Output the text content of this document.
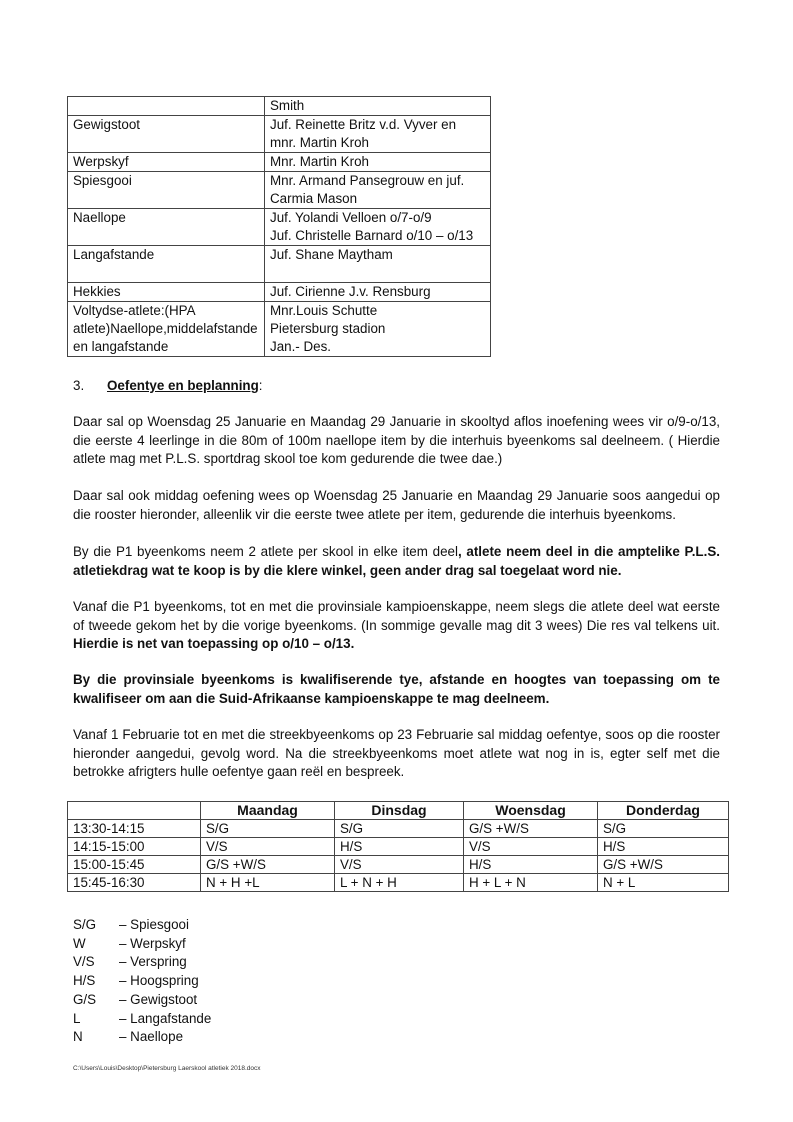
	Smith

Gewigstoot	Juf. Reinette Britz v.d. Vyver en
mnr. Martin Kroh

Werpskyf	Mnr. Martin Kroh

Spiesgooi	Mnr. Armand Pansegrouw en juf.
Carmia Mason

Naellope	Juf. Yolandi Velloen o/7-o/9
Juf. Christelle Barnard o/10 – o/13

Langafstande	Juf. Shane Maytham

Hekkies	Juf. Cirienne J.v. Rensburg

Voltydse-atlete:(HPA atlete)Naellope,middelafstande en langafstande	Mnr.Louis Schutte
Pietersburg stadion
Jan.- Des.
3. Oefentye en beplanning:

Daar sal op Woensdag 25 Januarie en Maandag 29 Januarie in skooltyd aflos inoefening wees vir o/9-o/13, die eerste 4 leerlinge in die 80m of 100m naellope item by die interhuis byeenkoms sal deelneem. ( Hierdie atlete mag met P.L.S. sportdrag skool toe kom gedurende die twee dae.)

Daar sal ook middag oefening wees op Woensdag 25 Januarie en Maandag 29 Januarie soos aangedui op die rooster hieronder, alleenlik vir die eerste twee atlete per item, gedurende die interhuis byeenkoms.

By die P1 byeenkoms neem 2 atlete per skool in elke item deel, atlete neem deel in die amptelike P.L.S. atletiekdrag wat te koop is by die klere winkel, geen ander drag sal toegelaat word nie.

Vanaf die P1 byeenkoms, tot en met die provinsiale kampioenskappe, neem slegs die atlete deel wat eerste of tweede gekom het by die vorige byeenkoms. (In sommige gevalle mag dit 3 wees) Die res val telkens uit. Hierdie is net van toepassing op o/10 – o/13.

By die provinsiale byeenkoms is kwalifiserende tye, afstande en hoogtes van toepassing om te kwalifiseer om aan die Suid-Afrikaanse kampioenskappe te mag deelneem.

Vanaf 1 Februarie tot en met die streekbyeenkoms op 23 Februarie sal middag oefentye, soos op die rooster hieronder aangedui, gevolg word. Na die streekbyeenkoms moet atlete wat nog in is, egter self met die betrokke afrigters hulle oefentye gaan reël en bespreek.

	Maandag	Dinsdag	Woensdag	Donderdag
13:30-14:15	S/G	S/G	G/S +W/S	S/G
14:15-15:00	V/S	H/S	V/S	H/S
15:00-15:45	G/S +W/S	V/S	H/S	G/S +W/S
15:45-16:30	N + H +L	L + N + H	H + L + N	N + L
S/G – Spiesgooi
W – Werpskyf
V/S – Verspring
H/S – Hoogspring
G/S – Gewigstoot
L	– Langafstande
N	– Naellope
C:\Users\Louis\Desktop\Pietersburg Laerskool atletiek 2018.docx
